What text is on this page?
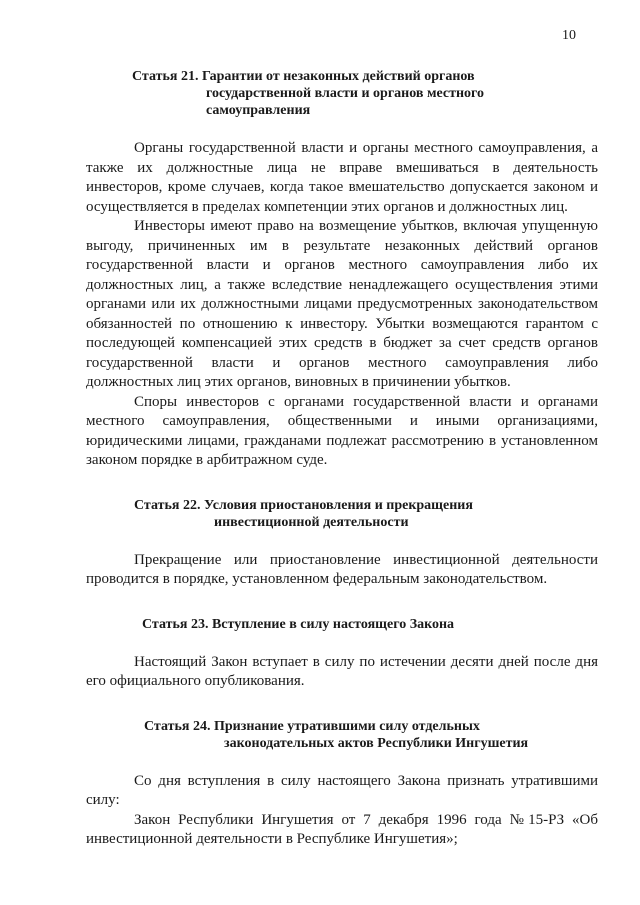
10
Статья 21. Гарантии от незаконных действий органов
государственной власти и органов местного
самоуправления

Органы государственной власти и органы местного самоуправления, а также их должностные лица не вправе вмешиваться в деятельность инвесторов, кроме случаев, когда такое вмешательство допускается законом и осуществляется в пределах компетенции этих органов и должностных лиц.

Инвесторы имеют право на возмещение убытков, включая упущенную выгоду, причиненных им в результате незаконных действий органов государственной власти и органов местного самоуправления либо их должностных лиц, а также вследствие ненадлежащего осуществления этими органами или их должностными лицами предусмотренных законодательством обязанностей по отношению к инвестору. Убытки возмещаются гарантом с последующей компенсацией этих средств в бюджет за счет средств органов государственной власти и органов местного самоуправления либо должностных лиц этих органов, виновных в причинении убытков.

Споры инвесторов с органами государственной власти и органами местного самоуправления, общественными и иными организациями, юридическими лицами, гражданами подлежат рассмотрению в установленном законом порядке в арбитражном суде.

Статья 22. Условия приостановления и прекращения
инвестиционной деятельности

Прекращение или приостановление инвестиционной деятельности проводится в порядке, установленном федеральным законодательством.

Статья 23. Вступление в силу настоящего Закона

Настоящий Закон вступает в силу по истечении десяти дней после дня его официального опубликования.

Статья 24. Признание утратившими силу отдельных
законодательных актов Республики Ингушетия

Со дня вступления в силу настоящего Закона признать утратившими силу:

Закон Республики Ингушетия от 7 декабря 1996 года №15-РЗ «Об инвестиционной деятельности в Республике Ингушетия»;
